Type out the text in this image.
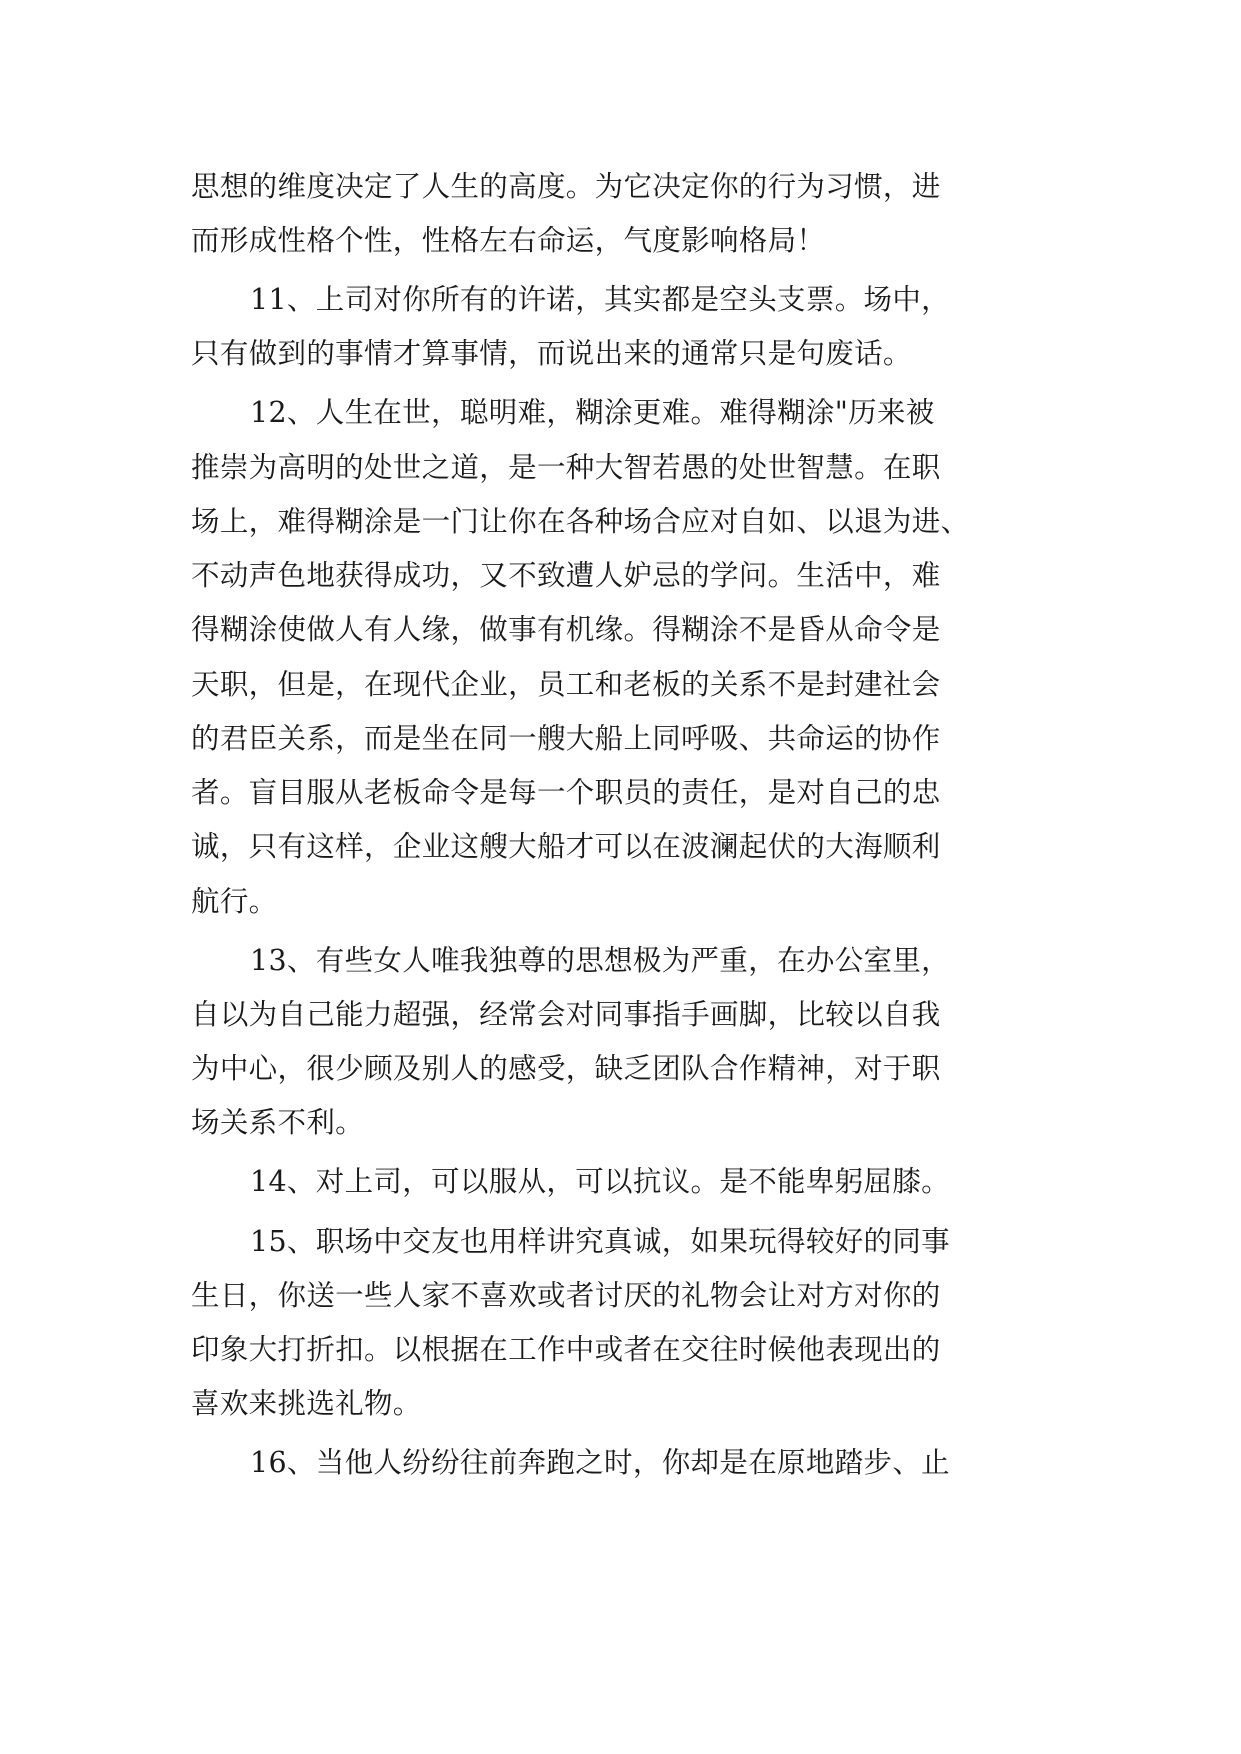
思想的维度决定了人生的高度。为它决定你的行为习惯，进
而形成性格个性，性格左右命运，气度影响格局！
11、上司对你所有的许诺，其实都是空头支票。场中，
只有做到的事情才算事情，而说出来的通常只是句废话。
12、人生在世，聪明难，糊涂更难。难得糊涂"历来被
推崇为高明的处世之道，是一种大智若愚的处世智慧。在职
场上，难得糊涂是一门让你在各种场合应对自如、以退为进、
不动声色地获得成功，又不致遭人妒忌的学问。生活中，难
得糊涂使做人有人缘，做事有机缘。得糊涂不是昏从命令是
天职，但是，在现代企业，员工和老板的关系不是封建社会
的君臣关系，而是坐在同一艘大船上同呼吸、共命运的协作
者。盲目服从老板命令是每一个职员的责任，是对自己的忠
诚，只有这样，企业这艘大船才可以在波澜起伏的大海顺利
航行。
13、有些女人唯我独尊的思想极为严重，在办公室里，
自以为自己能力超强，经常会对同事指手画脚，比较以自我
为中心，很少顾及别人的感受，缺乏团队合作精神，对于职
场关系不利。
14、对上司，可以服从，可以抗议。是不能卑躬屈膝。
15、职场中交友也用样讲究真诚，如果玩得较好的同事
生日，你送一些人家不喜欢或者讨厌的礼物会让对方对你的
印象大打折扣。以根据在工作中或者在交往时候他表现出的
喜欢来挑选礼物。
16、当他人纷纷往前奔跑之时，你却是在原地踏步、止
